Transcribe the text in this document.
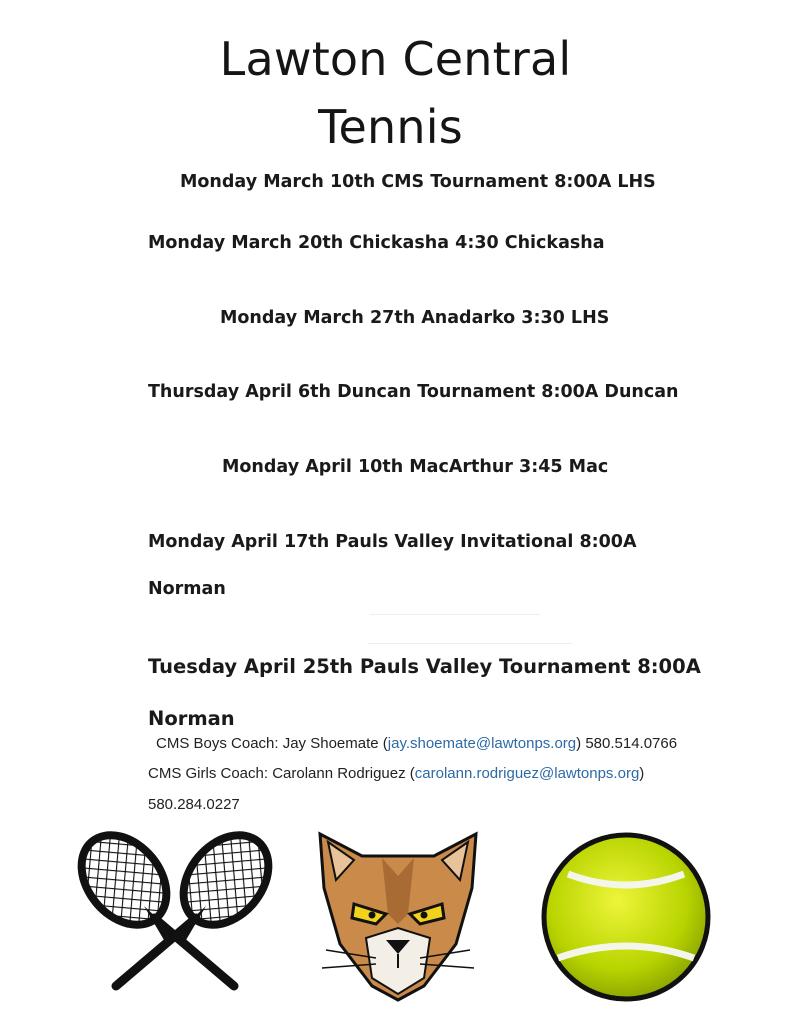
Lawton Central
Tennis
Monday March 10th CMS Tournament 8:00A LHS
Monday March 20th Chickasha 4:30 Chickasha
Monday March 27th Anadarko 3:30 LHS
Thursday April 6th Duncan Tournament 8:00A Duncan
Monday April 10th MacArthur 3:45 Mac
Monday April 17th Pauls Valley Invitational 8:00A
Norman
Tuesday April 25th Pauls Valley Tournament 8:00A
Norman
CMS Boys Coach: Jay Shoemate (jay.shoemate@lawtonps.org) 580.514.0766
CMS Girls Coach: Carolann Rodriguez (carolann.rodriguez@lawtonps.org)
580.284.0227
